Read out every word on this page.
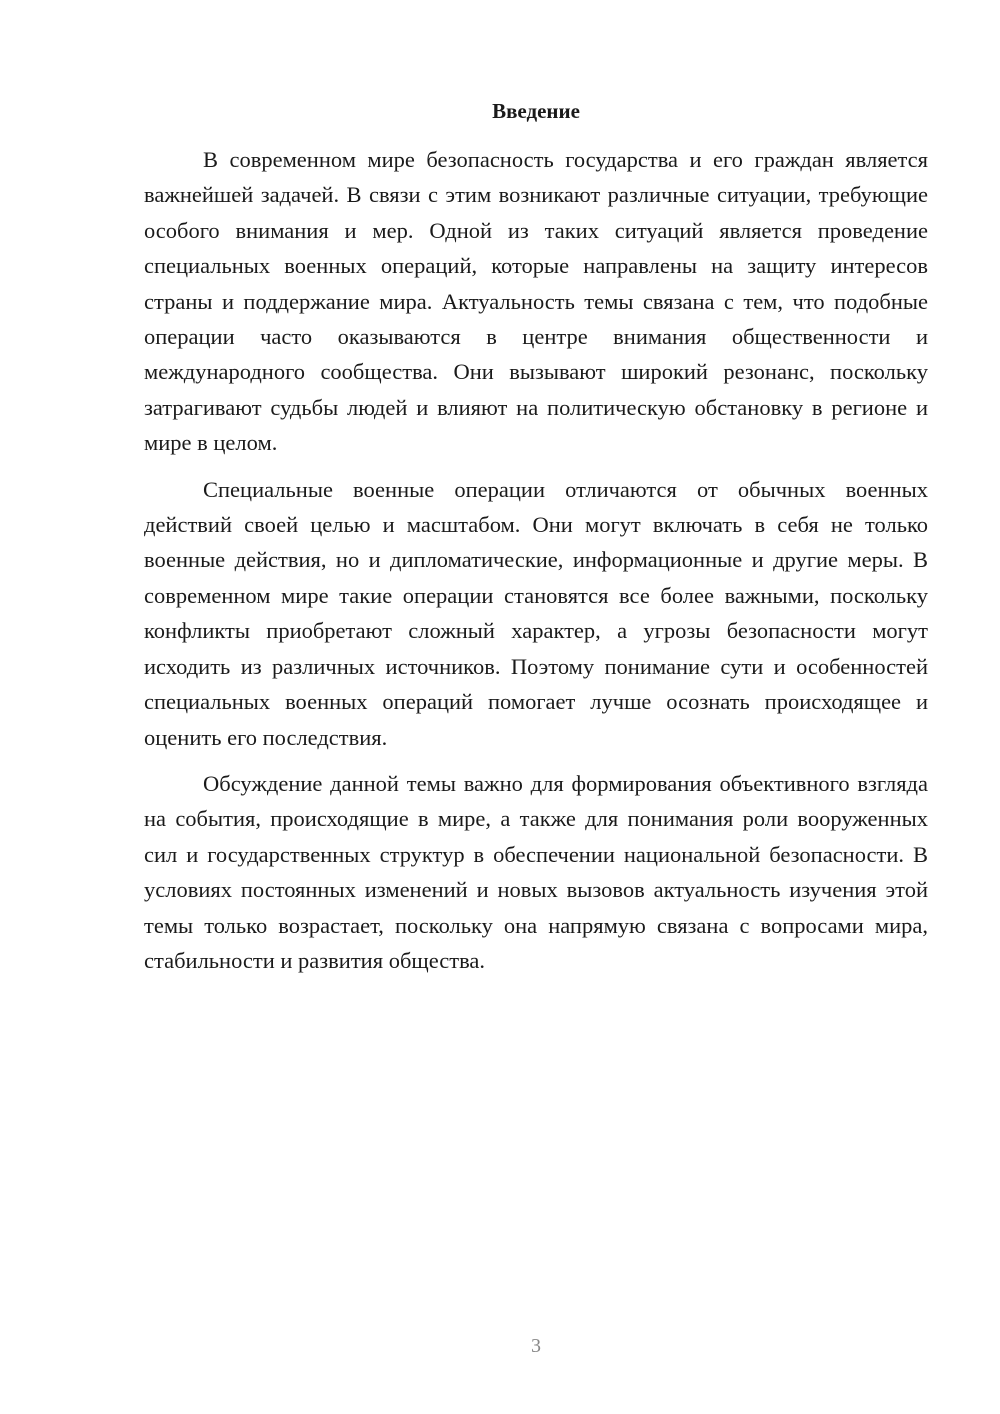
Введение

В современном мире безопасность государства и его граждан является важнейшей задачей. В связи с этим возникают различные ситуации, требующие особого внимания и мер. Одной из таких ситуаций является проведение специальных военных операций, которые направлены на защиту интересов страны и поддержание мира. Актуальность темы связана с тем, что подобные операции часто оказываются в центре внимания общественности и международного сообщества. Они вызывают широкий резонанс, поскольку затрагивают судьбы людей и влияют на политическую обстановку в регионе и мире в целом.

Специальные военные операции отличаются от обычных военных действий своей целью и масштабом. Они могут включать в себя не только военные действия, но и дипломатические, информационные и другие меры. В современном мире такие операции становятся все более важными, поскольку конфликты приобретают сложный характер, а угрозы безопасности могут исходить из различных источников. Поэтому понимание сути и особенностей специальных военных операций помогает лучше осознать происходящее и оценить его последствия.

Обсуждение данной темы важно для формирования объективного взгляда на события, происходящие в мире, а также для понимания роли вооруженных сил и государственных структур в обеспечении национальной безопасности. В условиях постоянных изменений и новых вызовов актуальность изучения этой темы только возрастает, поскольку она напрямую связана с вопросами мира, стабильности и развития общества.

3
